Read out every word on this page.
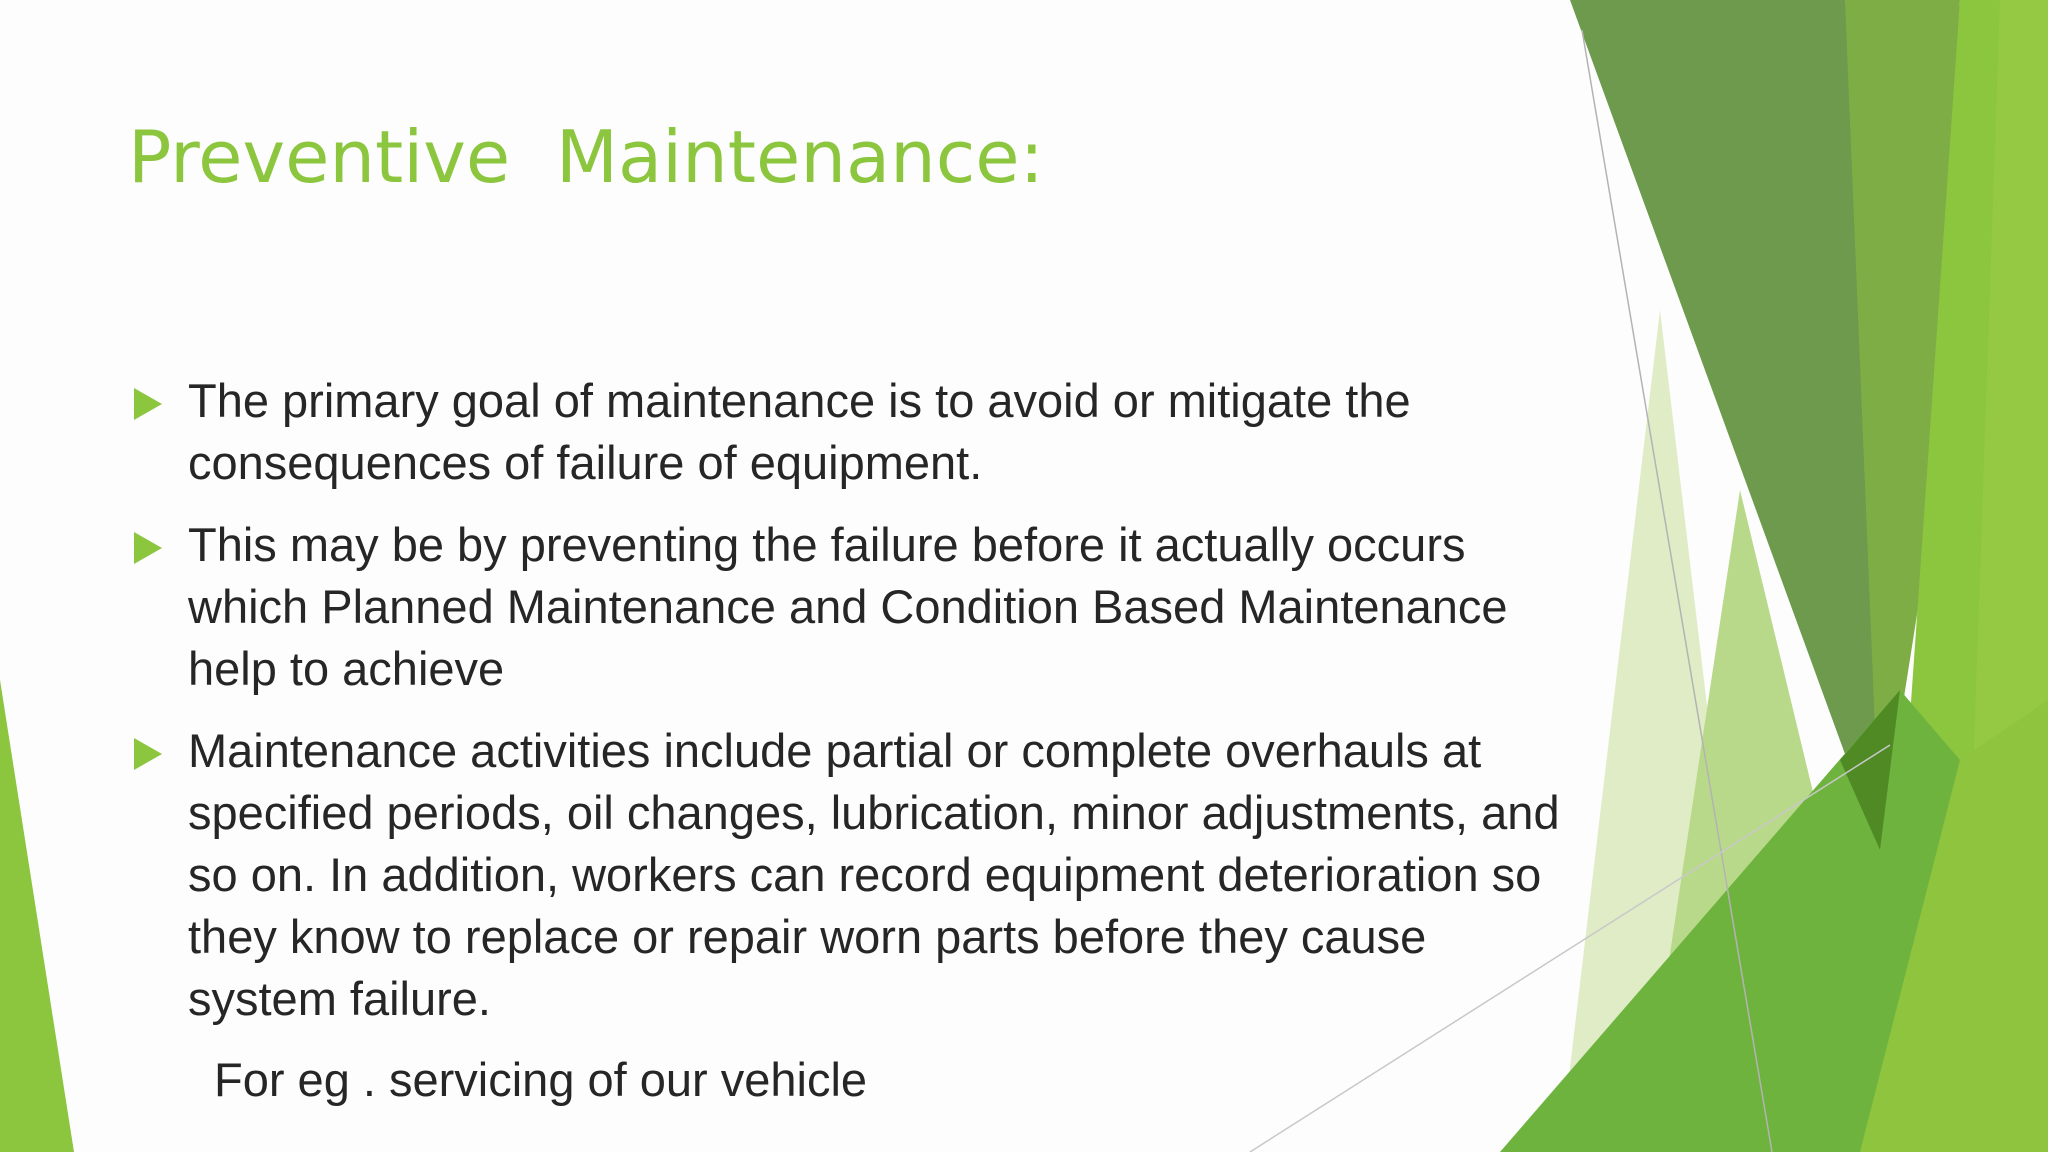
Preventive  Maintenance:
The primary goal of maintenance is to avoid or mitigate the consequences of failure of equipment.
This may be by preventing the failure before it actually occurs which Planned Maintenance and Condition Based Maintenance help to achieve
Maintenance activities include partial or complete overhauls at specified periods, oil changes, lubrication, minor adjustments, and so on. In addition, workers can record equipment deterioration so they know to replace or repair worn parts before they cause system failure.

For eg . servicing of our vehicle
